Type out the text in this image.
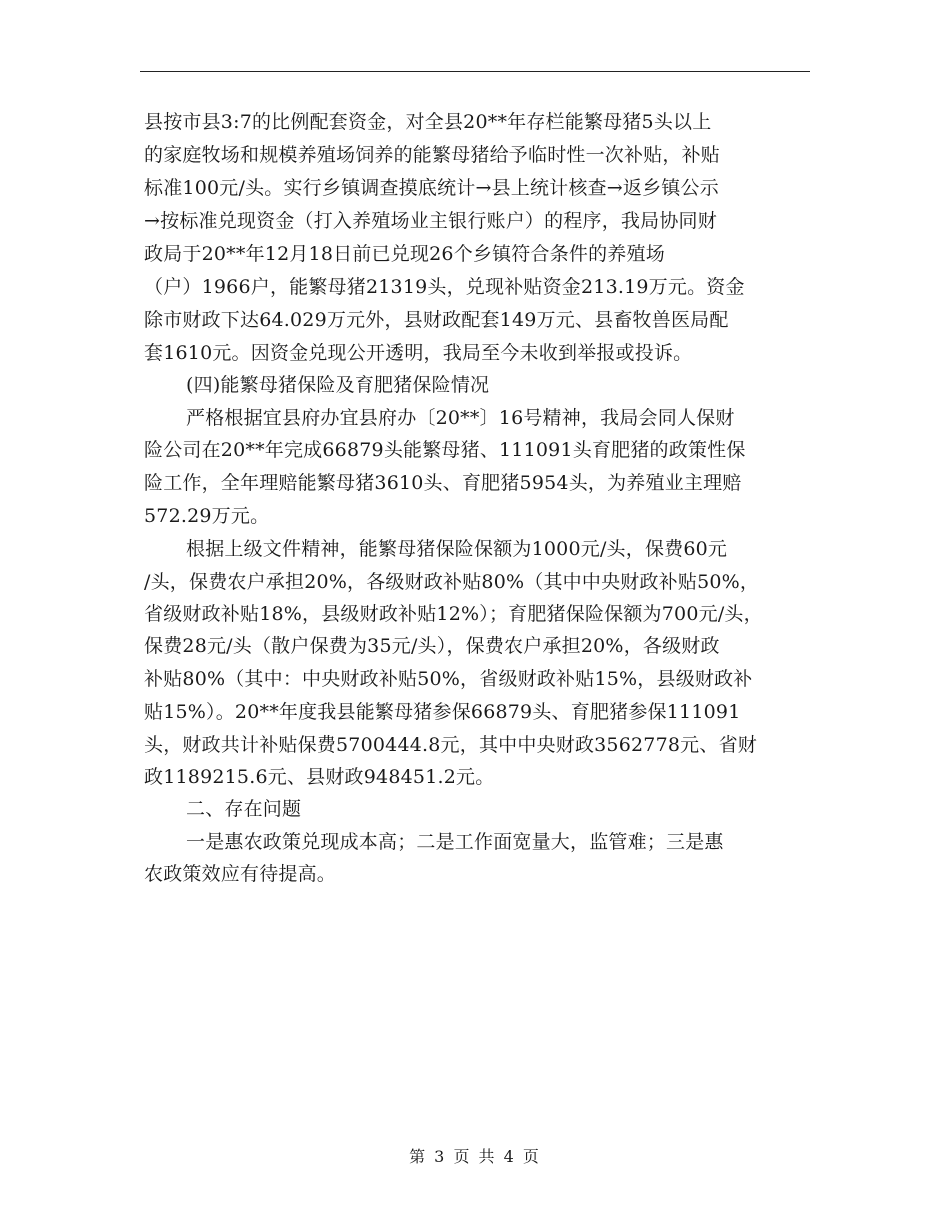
县按市县3:7的比例配套资金，对全县20**年存栏能繁母猪5头以上
的家庭牧场和规模养殖场饲养的能繁母猪给予临时性一次补贴，补贴
标准100元/头。实行乡镇调查摸底统计→县上统计核查→返乡镇公示
→按标准兑现资金（打入养殖场业主银行账户）的程序，我局协同财
政局于20**年12月18日前已兑现26个乡镇符合条件的养殖场
（户）1966户，能繁母猪21319头，兑现补贴资金213.19万元。资金
除市财政下达64.029万元外，县财政配套149万元、县畜牧兽医局配
套1610元。因资金兑现公开透明，我局至今未收到举报或投诉。
(四)能繁母猪保险及育肥猪保险情况
严格根据宜县府办宜县府办〔20**〕16号精神，我局会同人保财
险公司在20**年完成66879头能繁母猪、111091头育肥猪的政策性保
险工作，全年理赔能繁母猪3610头、育肥猪5954头，为养殖业主理赔
572.29万元。
根据上级文件精神，能繁母猪保险保额为1000元/头，保费60元
/头，保费农户承担20%，各级财政补贴80%（其中中央财政补贴50%，
省级财政补贴18%，县级财政补贴12%）；育肥猪保险保额为700元/头，
保费28元/头（散户保费为35元/头），保费农户承担20%，各级财政
补贴80%（其中：中央财政补贴50%，省级财政补贴15%，县级财政补
贴15%）。20**年度我县能繁母猪参保66879头、育肥猪参保111091
头，财政共计补贴保费5700444.8元，其中中央财政3562778元、省财
政1189215.6元、县财政948451.2元。
二、存在问题
一是惠农政策兑现成本高；二是工作面宽量大，监管难；三是惠
农政策效应有待提高。
第 3 页 共 4 页
